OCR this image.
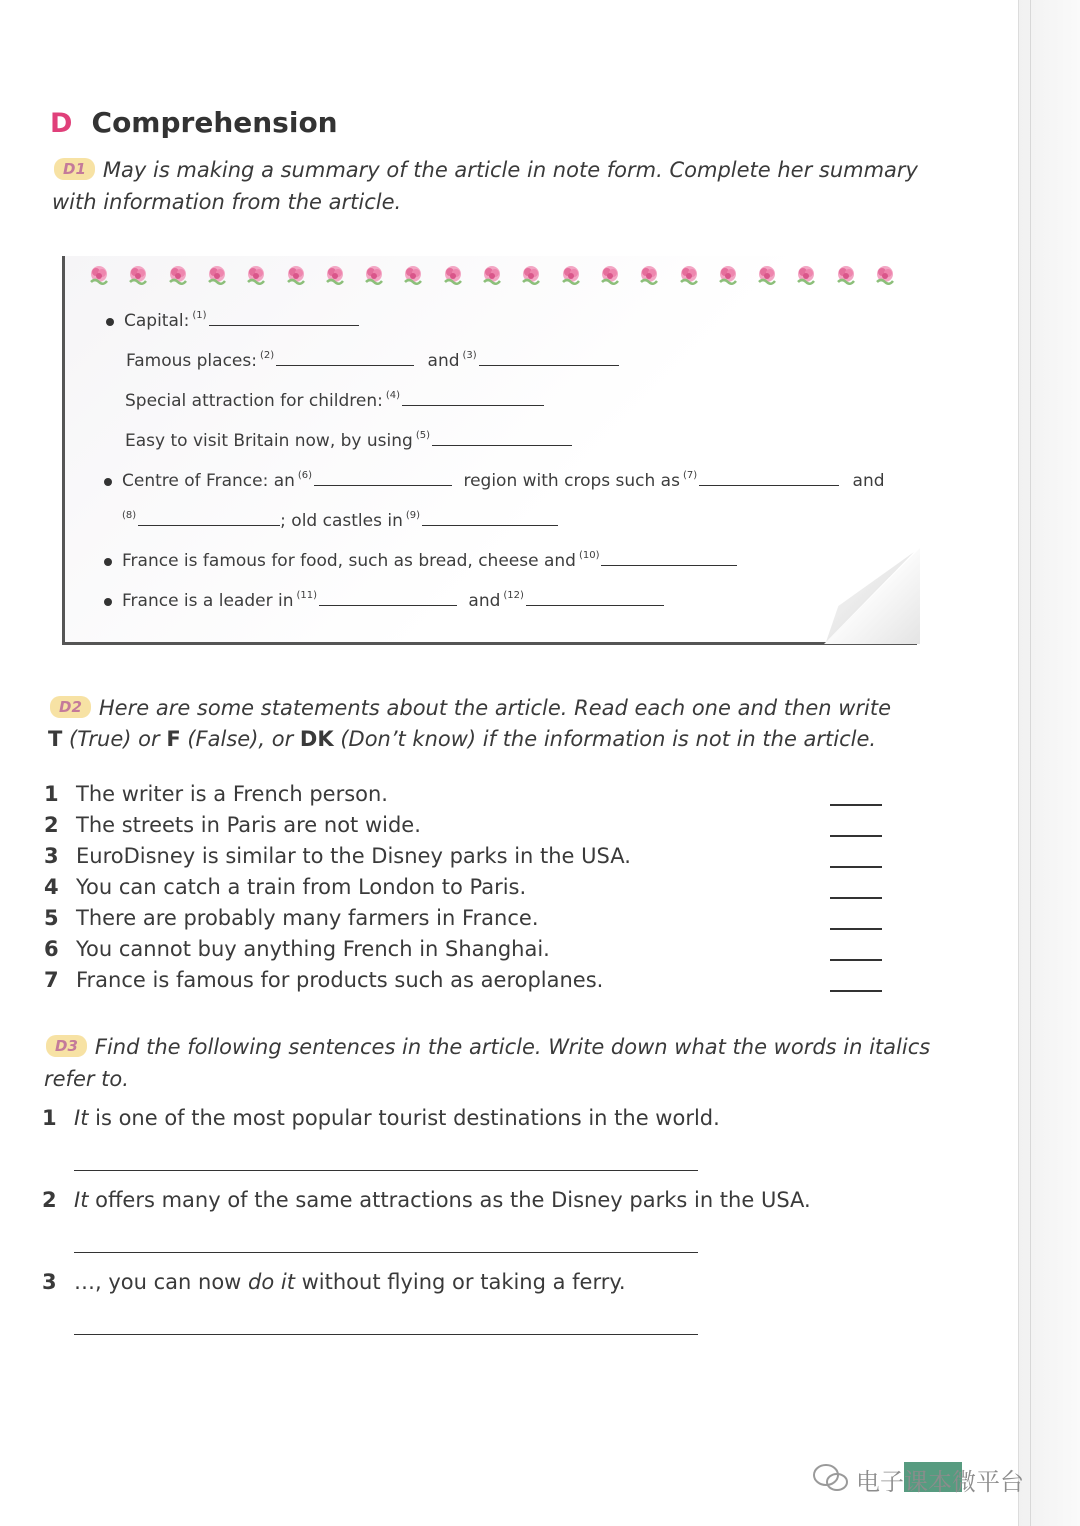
D Comprehension
D1 May is making a summary of the article in note form. Complete her summary
with information from the article.
Capital: $^{(1)}$
Famous places: $^{(2)}$	and $^{(3)}$
Special attraction for children: $^{(4)}$
Easy to visit Britain now, by using $^{(5)}$
Centre of France: an $^{(6)}$	region with crops such as $^{(7)}$	and
$^{(8)}$	; old castles in $^{(9)}$
France is famous for food, such as bread, cheese and $^{(10)}$
France is a leader in $^{(11)}$	and $^{(12)}$
D2 Here are some statements about the article. Read each one and then write
T (True) or F (False), or DK (Don’t know) if the information is not in the article.
1 The writer is a French person.
2 The streets in Paris are not wide.
3 EuroDisney is similar to the Disney parks in the USA.
4 You can catch a train from London to Paris.
5 There are probably many farmers in France.
6 You cannot buy anything French in Shanghai.
7 France is famous for products such as aeroplanes.
D3 Find the following sentences in the article. Write down what the words in italics
refer to.
1 It is one of the most popular tourist destinations in the world.
2 It offers many of the same attractions as the Disney parks in the USA.
3 …, you can now do it without flying or taking a ferry.
电子课本微平台
